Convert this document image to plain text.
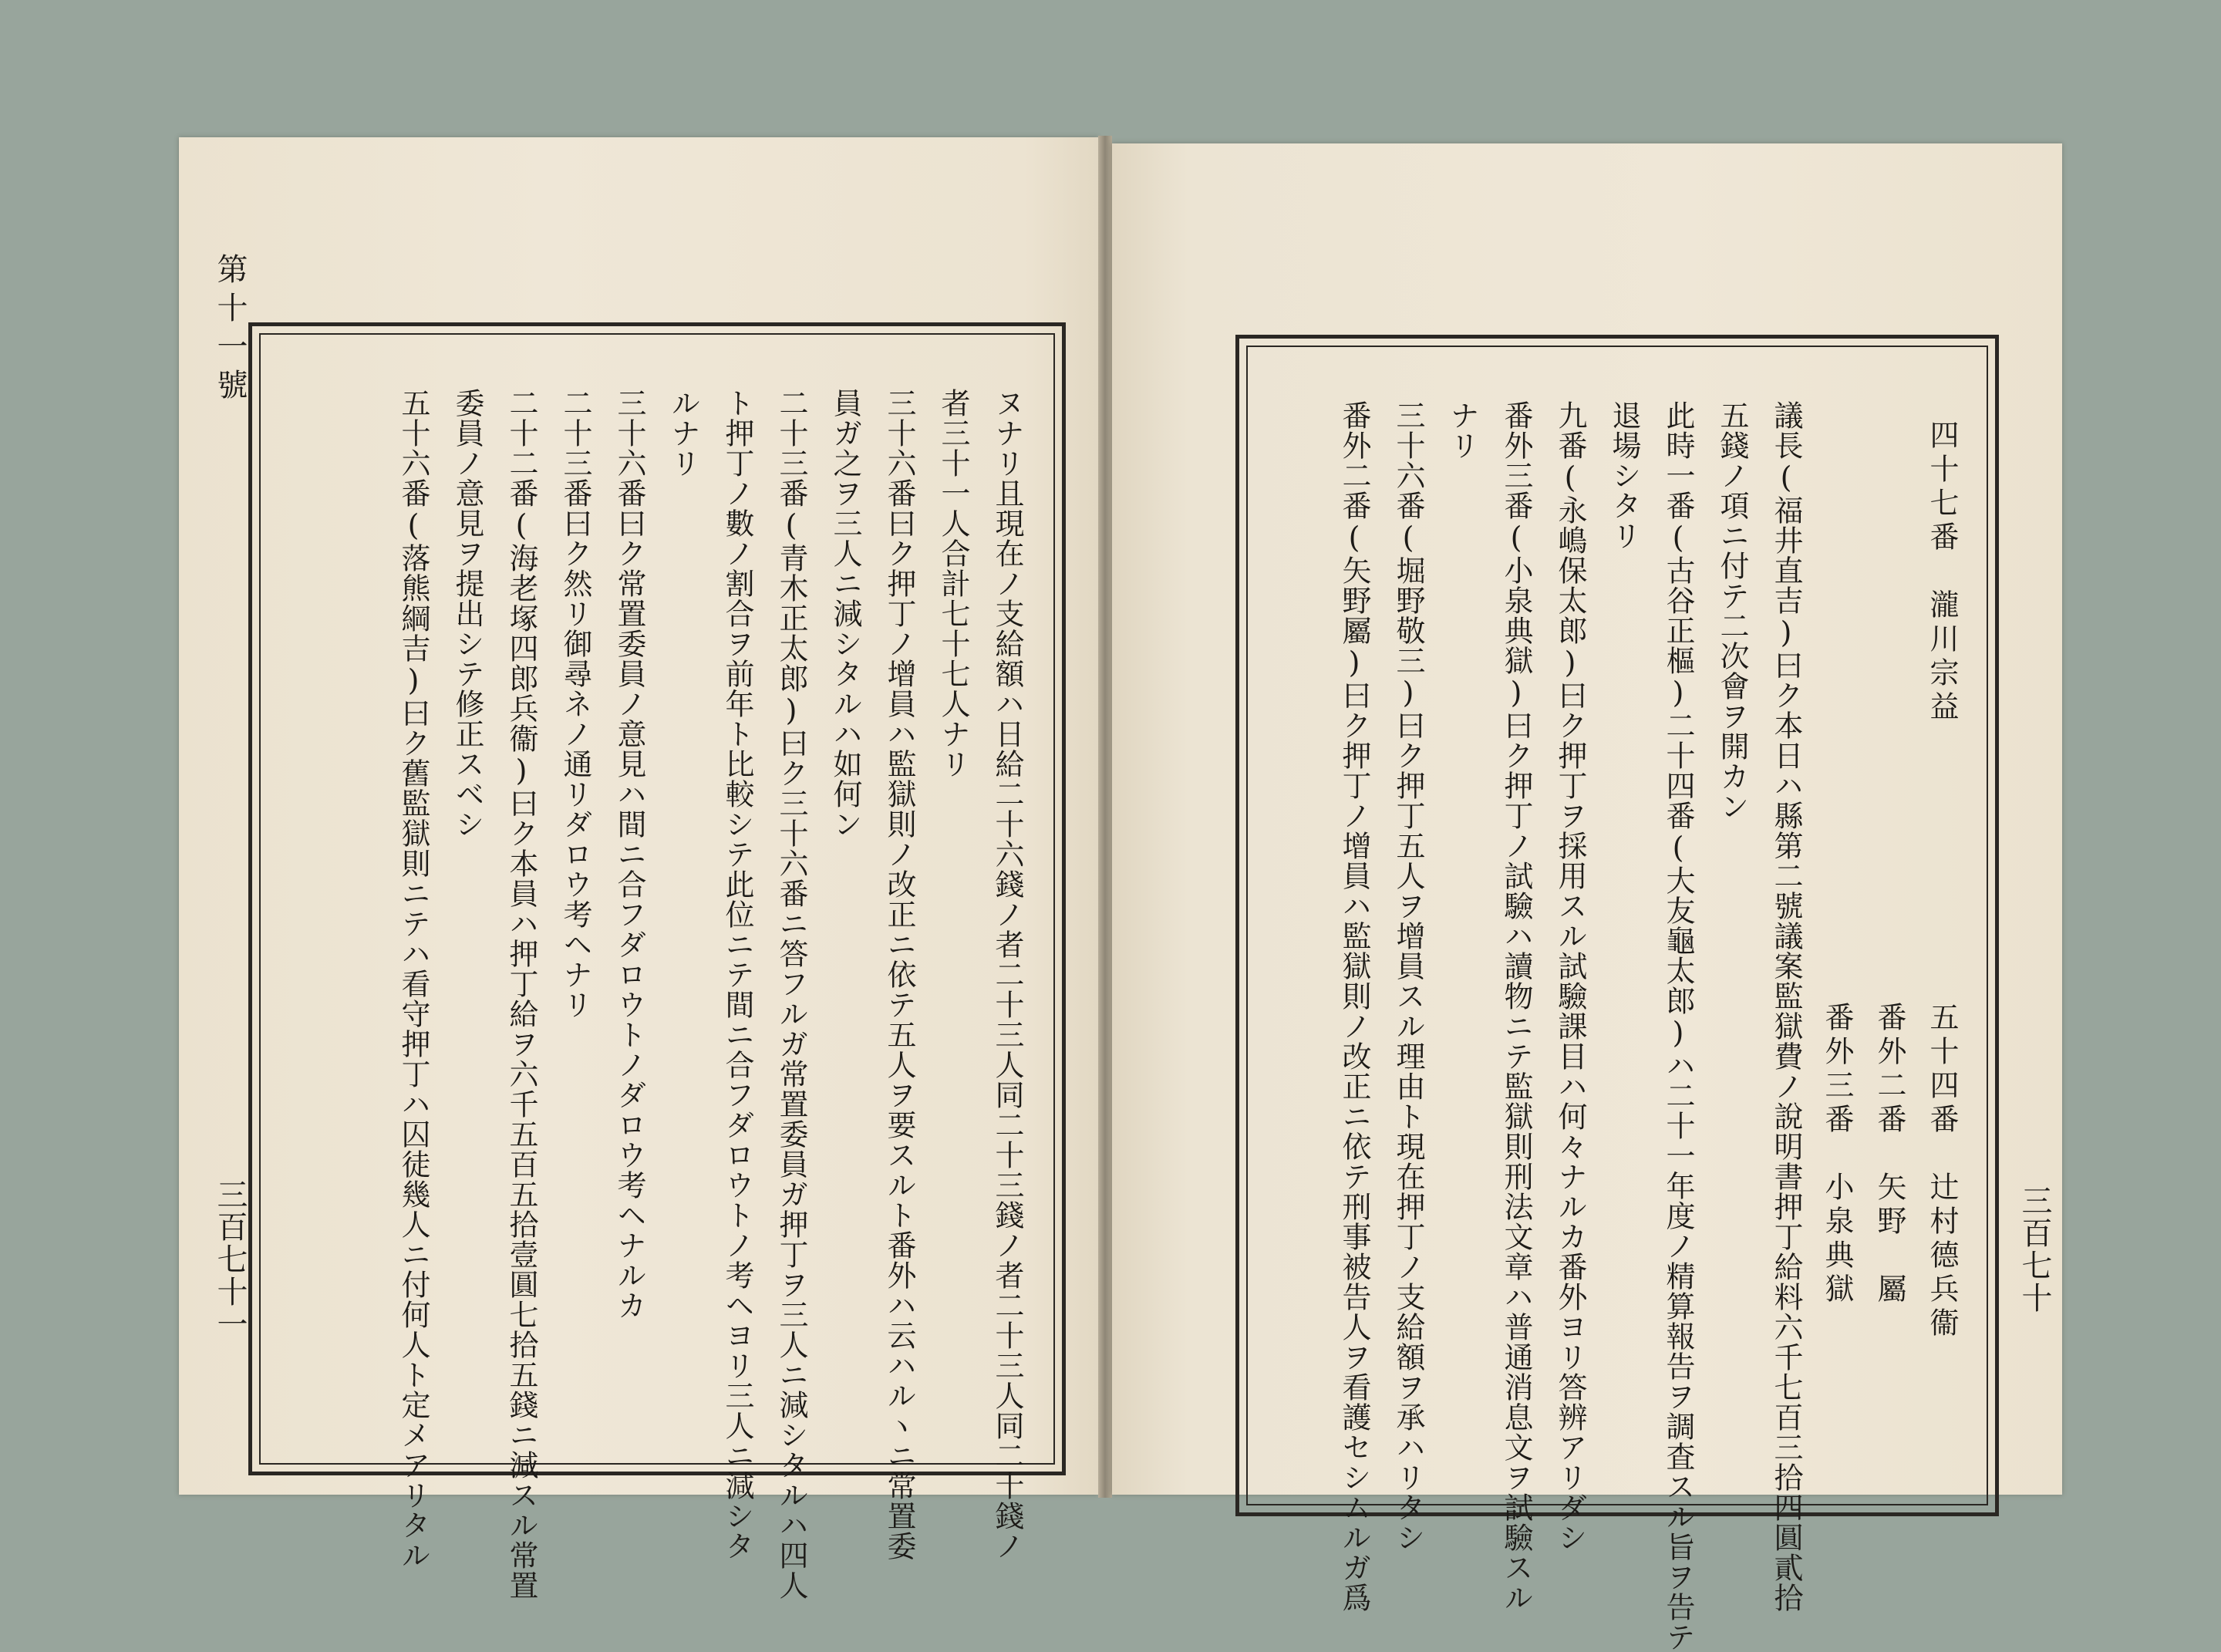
第十一號
三百七十一	ヌナリ且現在ノ支給額ハ日給二十六錢ノ者二十三人同二十三錢ノ者二十三人同二十錢ノ
者三十一人合計七十七人ナリ
三十六番曰ク押丁ノ增員ハ監獄則ノ改正ニ依テ五人ヲ要スルト番外ハ云ハルヽニ常置委
員ガ之ヲ三人ニ減シタルハ如何ン
二十三番(青木正太郎)曰ク三十六番ニ答フルガ常置委員ガ押丁ヲ三人ニ減シタルハ四人
ト押丁ノ數ノ割合ヲ前年ト比較シテ此位ニテ間ニ合フダロウトノ考ヘヨリ三人ニ減シタ
ルナリ
三十六番曰ク常置委員ノ意見ハ間ニ合フダロウトノダロウ考ヘナルカ
二十三番曰ク然リ御尋ネノ通リダロウ考ヘナリ
二十二番(海老塚四郎兵衞)曰ク本員ハ押丁給ヲ六千五百五拾壹圓七拾五錢ニ減スル常置
委員ノ意見ヲ提出シテ修正スベシ
五十六番(落熊綱吉)曰ク舊監獄則ニテハ看守押丁ハ囚徒幾人ニ付何人ト定メアリタル	三百七十
四十七番　瀧川宗益
五十四番　辻村德兵衞
番外二番　矢野　屬
番外三番　小泉典獄
議長(福井直吉)曰ク本日ハ縣第二號議案監獄費ノ說明書押丁給料六千七百三拾四圓貳拾
五錢ノ項ニ付テ二次會ヲ開カン
此時一番(古谷正樞)二十四番(大友龜太郎)ハ二十一年度ノ精算報告ヲ調査スル旨ヲ告テ
退場シタリ
九番(永嶋保太郎)曰ク押丁ヲ採用スル試驗課目ハ何々ナルカ番外ヨリ答辨アリダシ
番外三番(小泉典獄)曰ク押丁ノ試驗ハ讀物ニテ監獄則刑法文章ハ普通消息文ヲ試驗スル
ナリ
三十六番(堀野敬三)曰ク押丁五人ヲ增員スル理由ト現在押丁ノ支給額ヲ承ハリタシ
番外二番(矢野屬)曰ク押丁ノ增員ハ監獄則ノ改正ニ依テ刑事被告人ヲ看護セシムルガ爲
